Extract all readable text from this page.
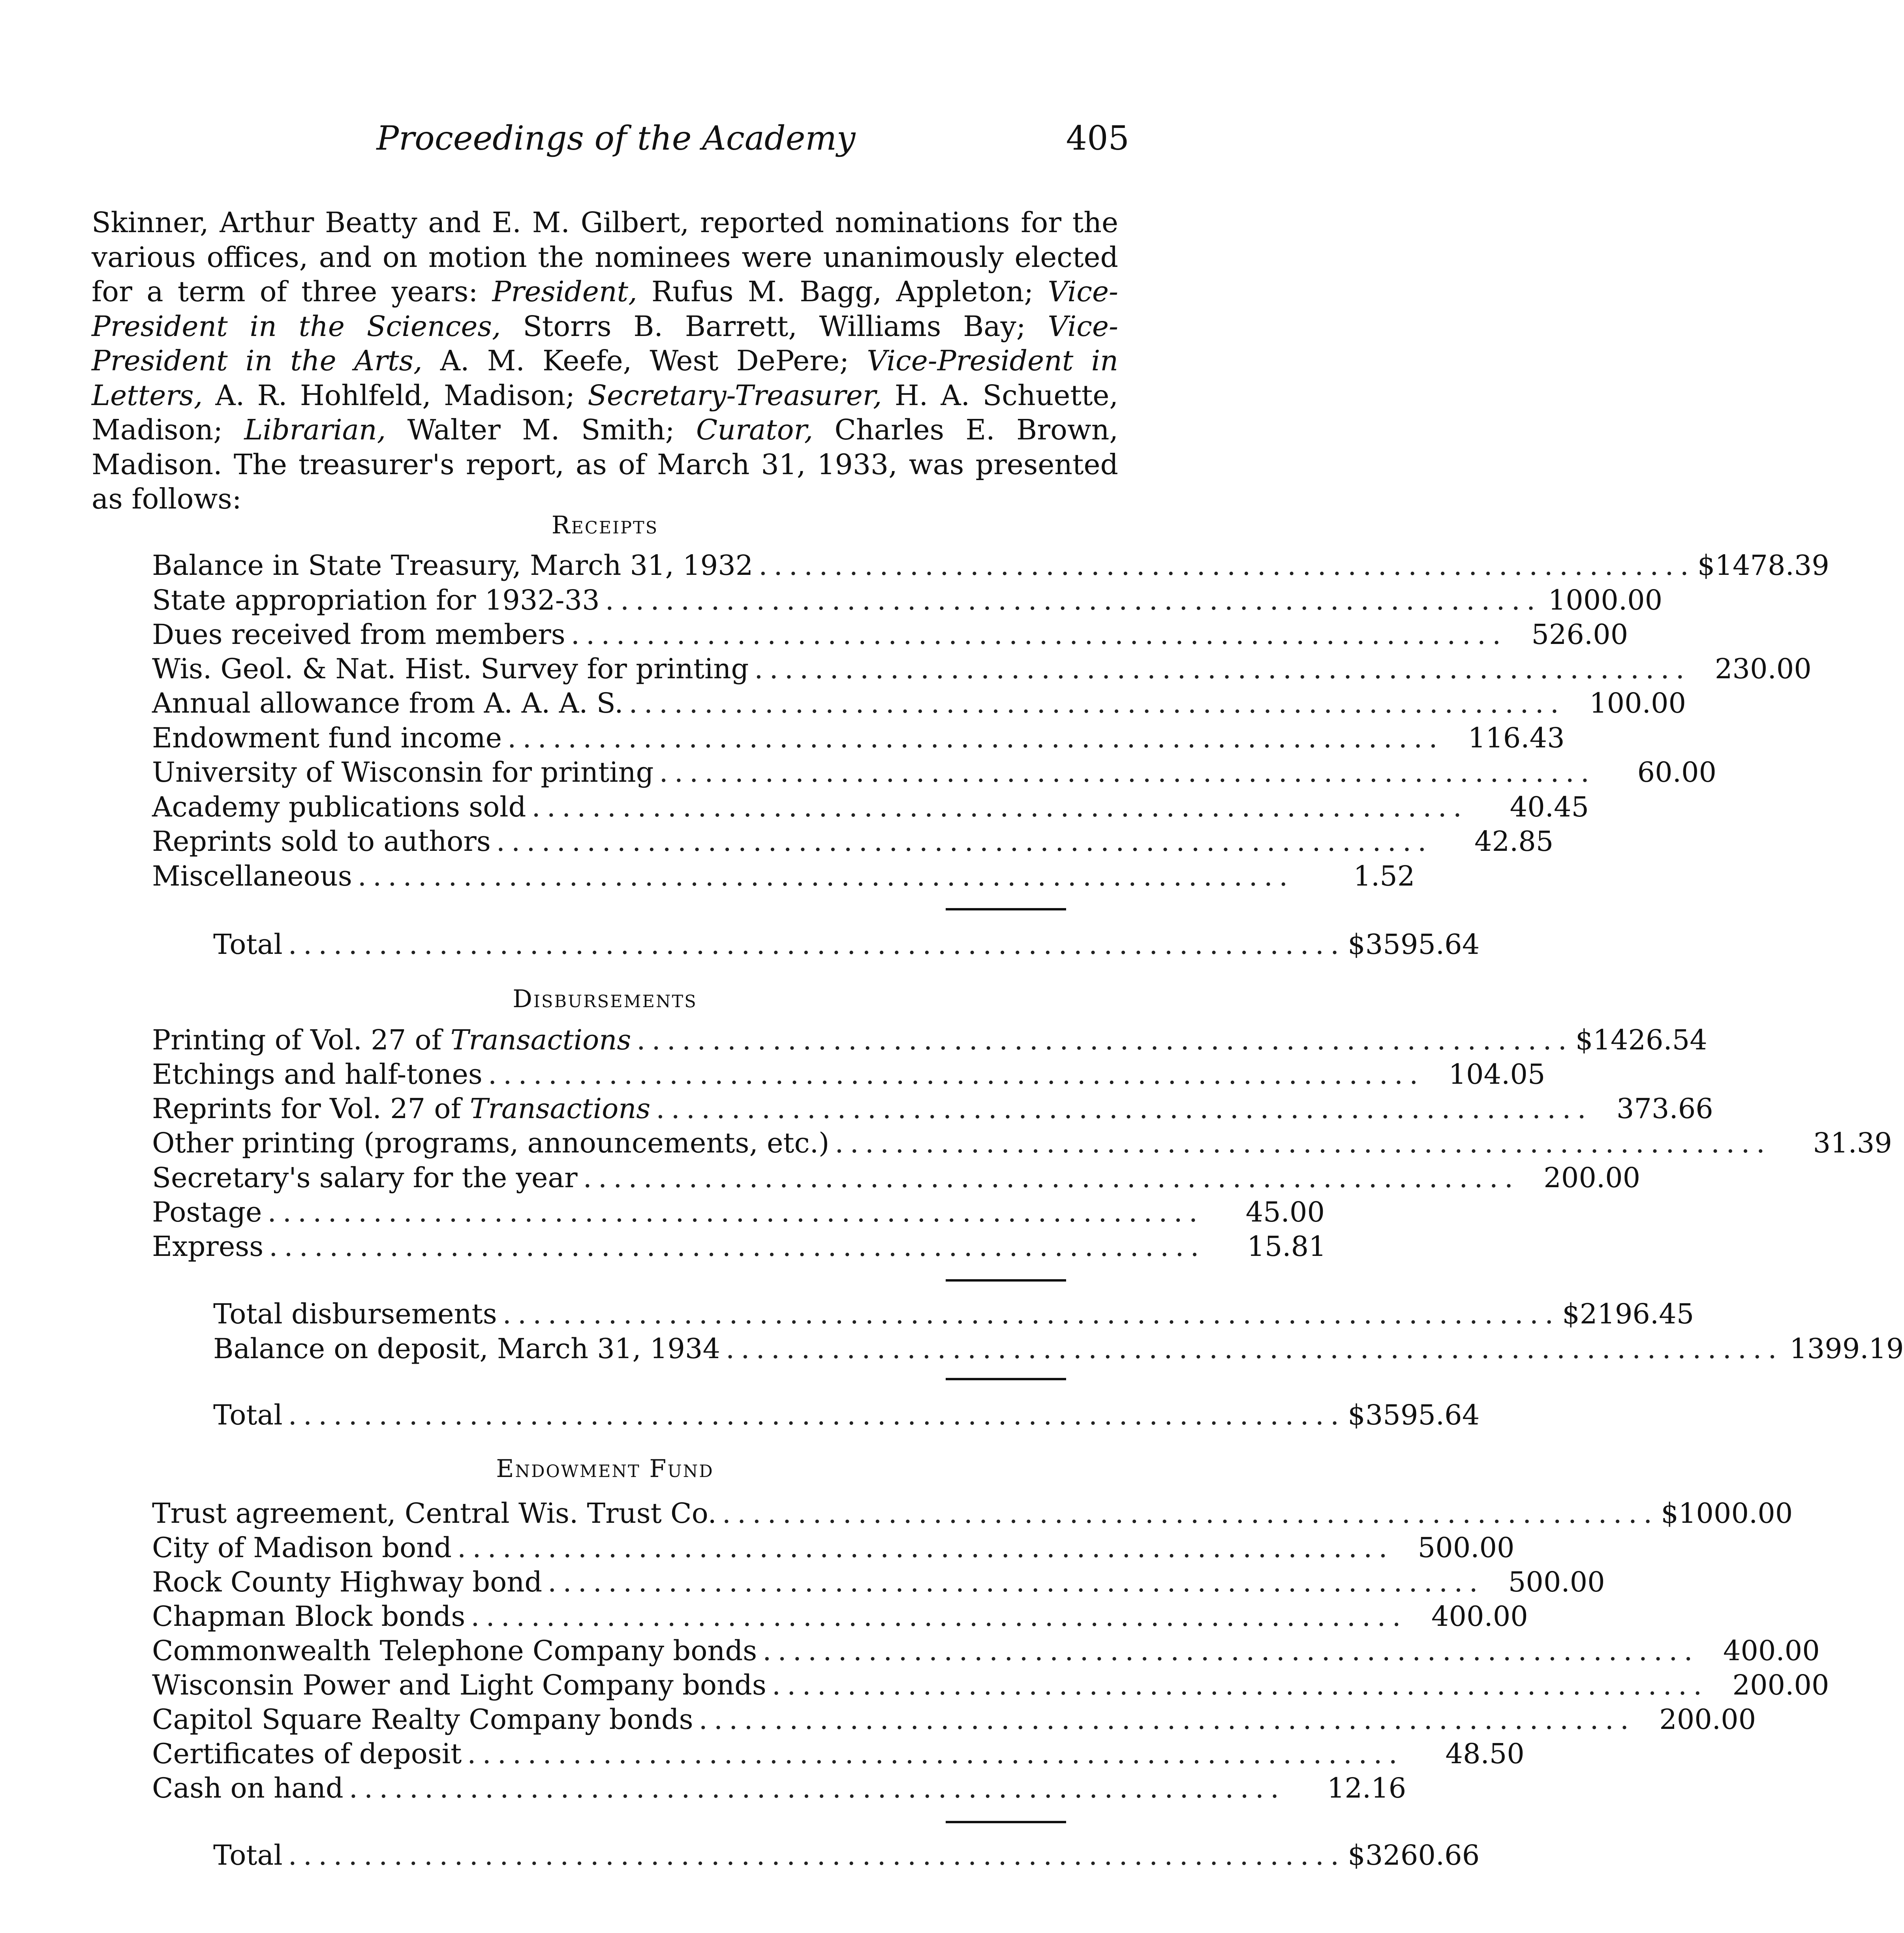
Proceedings of the Academy	405
Skinner, Arthur Beatty and E. M. Gilbert, reported nominations for the various offices, and on motion the nominees were unanimously elected for a term of three years: President, Rufus M. Bagg, Appleton; Vice-President in the Sciences, Storrs B. Barrett, Williams Bay; Vice-President in the Arts, A. M. Keefe, West DePere; Vice-President in Letters, A. R. Hohlfeld, Madison; Secretary-Treasurer, H. A. Schuette, Madison; Librarian, Walter M. Smith; Curator, Charles E. Brown, Madison. The treasurer's report, as of March 31, 1933, was presented as follows:
Receipts
Balance in State Treasury, March 31, 1932 .............................................................. $1478.39
State appropriation for 1932-33 .............................................................. 1000.00
Dues received from members .............................................................. 526.00
Wis. Geol. & Nat. Hist. Survey for printing .............................................................. 230.00
Annual allowance from A. A. A. S. .............................................................. 100.00
Endowment fund income .............................................................. 116.43
University of Wisconsin for printing ..............................................................	60.00
Academy publications sold ..............................................................	40.45
Reprints sold to authors ..............................................................	42.85
Miscellaneous ..............................................................	1.52
Total ...................................................................... $3595.64
Disbursements
Printing of Vol. 27 of Transactions .............................................................. $1426.54
Etchings and half-tones .............................................................. 104.05
Reprints for Vol. 27 of Transactions .............................................................. 373.66
Other printing (programs, announcements, etc.) ..............................................................	31.39
Secretary's salary for the year .............................................................. 200.00
Postage ..............................................................	45.00
Express ..............................................................	15.81
Total disbursements ...................................................................... $2196.45
Balance on deposit, March 31, 1934 ...................................................................... 1399.19
Total ...................................................................... $3595.64
Endowment Fund
Trust agreement, Central Wis. Trust Co. .............................................................. $1000.00
City of Madison bond .............................................................. 500.00
Rock County Highway bond .............................................................. 500.00
Chapman Block bonds .............................................................. 400.00
Commonwealth Telephone Company bonds .............................................................. 400.00
Wisconsin Power and Light Company bonds .............................................................. 200.00
Capitol Square Realty Company bonds .............................................................. 200.00
Certificates of deposit ..............................................................	48.50
Cash on hand ..............................................................	12.16
Total ...................................................................... $3260.66
